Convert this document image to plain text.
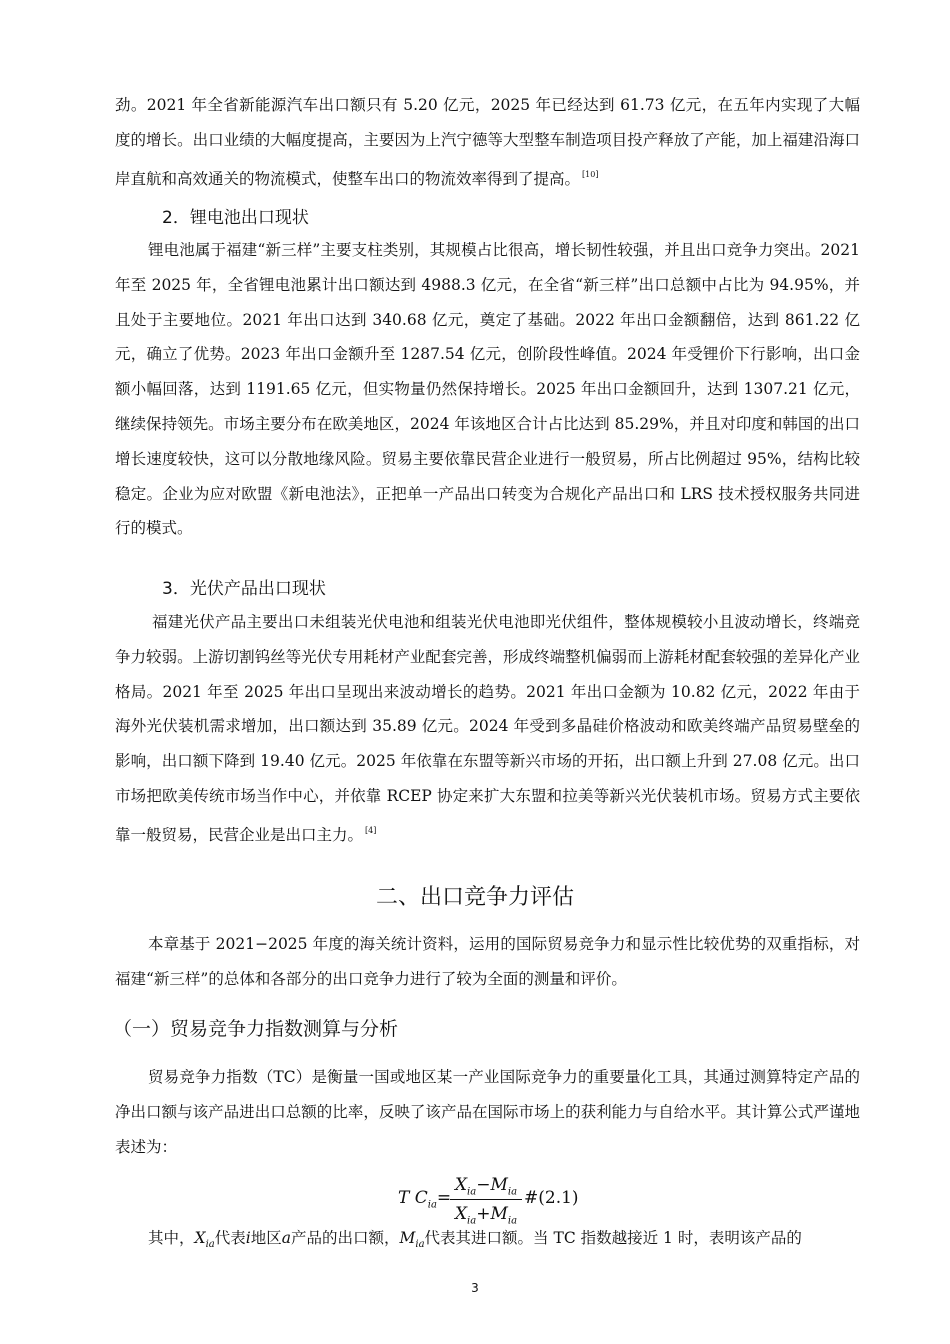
劲。2021 年全省新能源汽车出口额只有 5.20 亿元，2025 年已经达到 61.73 亿元，在五年内实现了大幅度的增长。出口业绩的大幅度提高，主要因为上汽宁德等大型整车制造项目投产释放了产能，加上福建沿海口岸直航和高效通关的物流模式，使整车出口的物流效率得到了提高。 [10]

2．锂电池出口现状

锂电池属于福建“新三样”主要支柱类别，其规模占比很高，增长韧性较强，并且出口竞争力突出。2021 年至 2025 年，全省锂电池累计出口额达到 4988.3 亿元，在全省“新三样”出口总额中占比为 94.95%，并且处于主要地位。2021 年出口达到 340.68 亿元，奠定了基础。2022 年出口金额翻倍，达到 861.22 亿元，确立了优势。2023 年出口金额升至 1287.54 亿元，创阶段性峰值。2024 年受锂价下行影响，出口金额小幅回落，达到 1191.65 亿元，但实物量仍然保持增长。2025 年出口金额回升，达到 1307.21 亿元，继续保持领先。市场主要分布在欧美地区，2024 年该地区合计占比达到 85.29%，并且对印度和韩国的出口增长速度较快，这可以分散地缘风险。贸易主要依靠民营企业进行一般贸易，所占比例超过 95%，结构比较稳定。企业为应对欧盟《新电池法》，正把单一产品出口转变为合规化产品出口和 LRS 技术授权服务共同进行的模式。

3．光伏产品出口现状

福建光伏产品主要出口未组装光伏电池和组装光伏电池即光伏组件，整体规模较小且波动增长，终端竞争力较弱。上游切割钨丝等光伏专用耗材产业配套完善，形成终端整机偏弱而上游耗材配套较强的差异化产业格局。2021 年至 2025 年出口呈现出来波动增长的趋势。2021 年出口金额为 10.82 亿元，2022 年由于海外光伏装机需求增加，出口额达到 35.89 亿元。2024 年受到多晶硅价格波动和欧美终端产品贸易壁垒的影响，出口额下降到 19.40 亿元。2025 年依靠在东盟等新兴市场的开拓，出口额上升到 27.08 亿元。出口市场把欧美传统市场当作中心，并依靠 RCEP 协定来扩大东盟和拉美等新兴光伏装机市场。贸易方式主要依靠一般贸易，民营企业是出口主力。 [4]

二、出口竞争力评估

本章基于 2021−2025 年度的海关统计资料，运用的国际贸易竞争力和显示性比较优势的双重指标，对福建“新三样”的总体和各部分的出口竞争力进行了较为全面的测量和评价。

（一）贸易竞争力指数测算与分析

贸易竞争力指数（TC）是衡量一国或地区某一产业国际竞争力的重要量化工具，其通过测算特定产品的净出口额与该产品进出口总额的比率，反映了该产品在国际市场上的获利能力与自给水平。其计算公式严谨地表述为：

T $C_{ia}=$
$X_{ia}-M_{ia}$
$X_{ia}+M_{ia}$
#(2.1)

其中，$X_{ia}$代表i地区a产品的出口额，$M_{ia}$代表其进口额。当 TC 指数越接近 1 时，表明该产品的

3
